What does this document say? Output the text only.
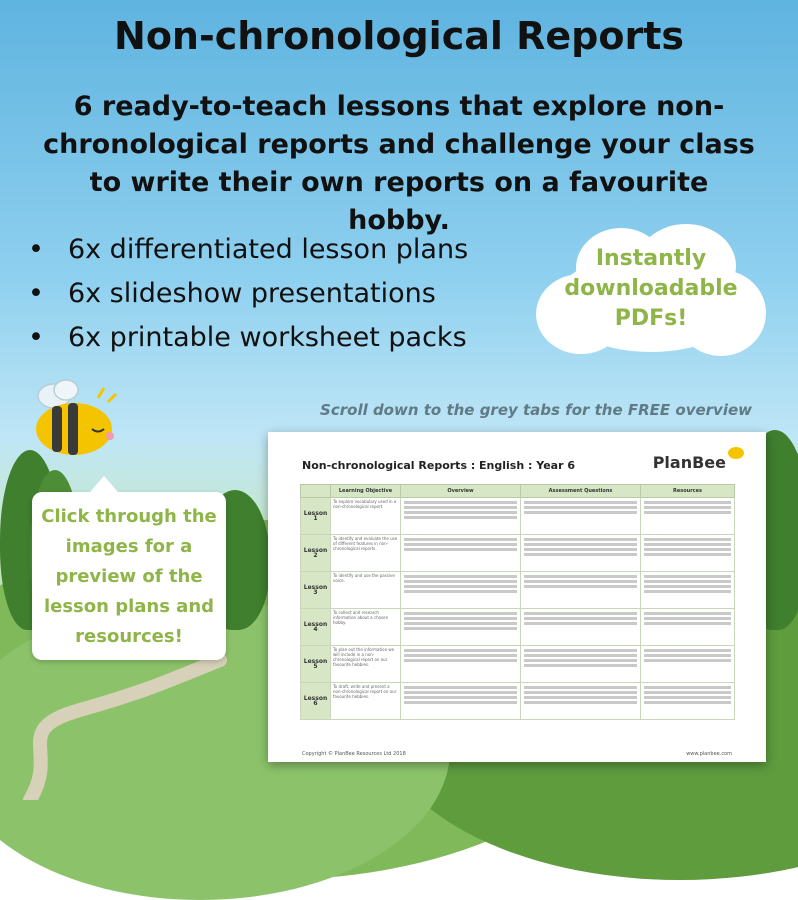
Non-chronological Reports

6 ready-to-teach lessons that explore non-chronological reports and challenge your class to write their own reports on a favourite hobby.

• 6x differentiated lesson plans
• 6x slideshow presentations
• 6x printable worksheet packs
Instantly
downloadable
PDFs!
Scroll down to the grey tabs for the FREE overview
Click through the
images for a
preview of the
lesson plans and
resources!
Non-chronological Reports : English : Year 6	PlanBee
	Learning Objective	Overview	Assessment Questions	Resources
Lesson 1	To explore vocabulary used in a non-chronological report.	

Lesson 2	To identify and evaluate the use of different features in non-chronological reports.	

Lesson 3	To identify and use the passive voice.	

Lesson 4	To collect and research information about a chosen hobby.	

Lesson 5	To plan out the information we will include in a non-chronological report on our favourite hobbies.	

Lesson 6	To draft, write and present a non-chronological report on our favourite hobbies.	

Copyright © PlanBee Resources Ltd 2018	www.planbee.com
